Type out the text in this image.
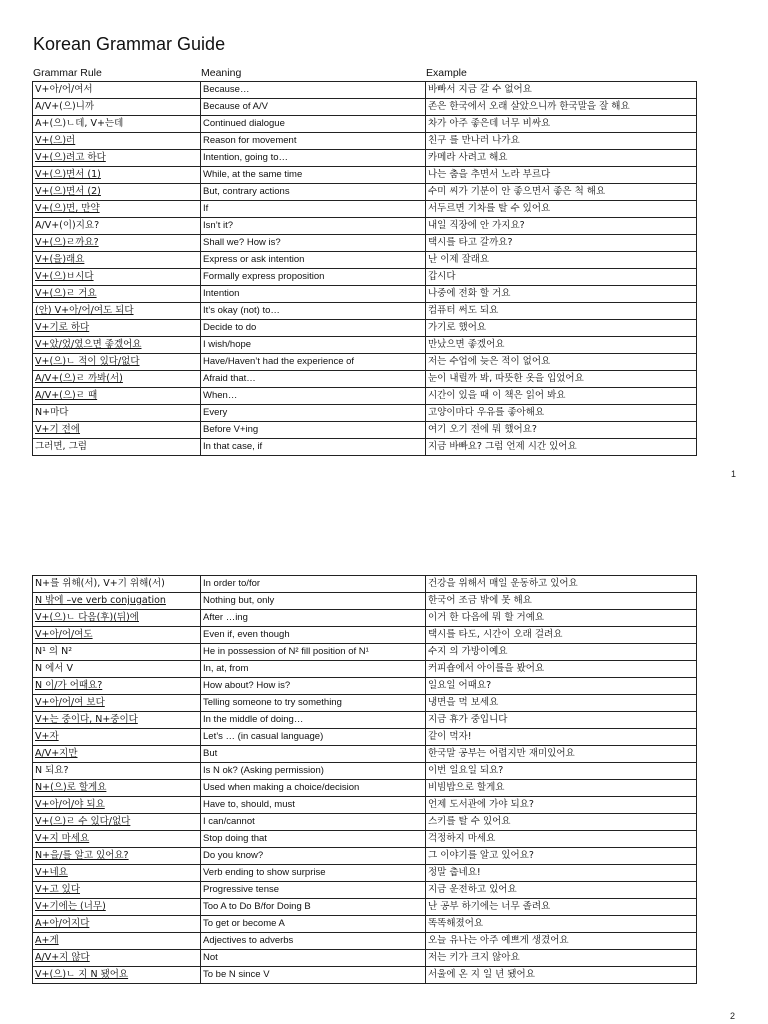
Korean Grammar Guide
Grammar Rule	Meaning	Example
V+아/어/여서	Because…	바빠서 지금 갈 수 없어요
A/V+(으)니까	Because of A/V	존은 한국에서 오래 살았으니까 한국말을 잘 해요
A+(으)ㄴ데, V+는데	Continued dialogue	차가 아주 좋은데 너무 비싸요
V+(으)러	Reason for movement	친구 를 만나러 나가요
V+(으)려고 하다	Intention, going to…	카메라 사려고 해요
V+(으)면서 (1)	While, at the same time	나는 춤을 추면서 노라 부르다
V+(으)면서 (2)	But, contrary actions	수미 씨가 기분이 안 좋으면서 좋은 척 해요
V+(으)면, 만약	If	서두르면 기차를 탈 수 있어요
A/V+(이)지요?	Isn’t it?	내일 직장에 안 가지요?
V+(으)ㄹ까요?	Shall we? How is?	택시를 타고 갈까요?
V+(을)래요	Express or ask intention	난 이제 잘래요
V+(으)ㅂ시다	Formally express proposition	갑시다
V+(으)ㄹ 거요	Intention	나중에 전화 할 거요
(안) V+아/어/여도 되다	It’s okay (not) to…	컴퓨터 써도 되요
V+기로 하다	Decide to do	가기로 했어요
V+았/었/였으면 좋겠어요	I wish/hope	만났으면 좋겠어요
V+(으)ㄴ 적이 있다/없다	Have/Haven’t had the experience of	저는 수업에 늦은 적이 없어요
A/V+(으)ㄹ 까봐(서)	Afraid that…	눈이 내릴까 봐, 따뜻한 옷을 입었어요
A/V+(으)ㄹ 때	When…	시간이 있을 때 이 책은 읽어 봐요
N+마다	Every	고양이마다 우유를 좋아해요
V+기 전에	Before V+ing	여기 오기 전에 뭐 했어요?
그러면, 그럼	In that case, if	지금 바빠요? 그럼 언제 시간 있어요
1
N+를 위해(서), V+기 위해(서)	In order to/for	건강을 위해서 매일 운동하고 있어요
N 밖에 –ve verb conjugation	Nothing but, only	한국어 조금 밖에 못 해요
V+(으)ㄴ 다음(후)(뒤)에	After …ing	이거 한 다음에 뭐 할 거예요
V+아/어/여도	Even if, even though	택시를 타도, 시간이 오래 걸려요
N¹ 의 N²	He in possession of N² fill position of N¹	수지 의 가방이예요
N 에서 V	In, at, from	커피숍에서 아이를을 봤어요
N 이/가 어때요?	How about? How is?	일요일 어때요?
V+아/어/여 보다	Telling someone to try something	냉면을 먹 보세요
V+는 중이다, N+중이다	In the middle of doing…	지금 휴가 중입니다
V+자	Let’s … (in casual language)	같이 먹자!
A/V+지만	But	한국말 공부는 어렵지만 재미있어요
N 되요?	Is N ok? (Asking permission)	이번 일요일 되요?
N+(으)로 할게요	Used when making a choice/decision	비빔밥으로 할게요
V+아/어/야 되요	Have to, should, must	언제 도서관에 가야 되요?
V+(으)ㄹ 수 있다/없다	I can/cannot	스키를 탈 수 있어요
V+지 마세요	Stop doing that	걱정하지 마세요
N+을/를 알고 있어요?	Do you know?	그 이야기를 알고 있어요?
V+네요	Verb ending to show surprise	정말 춥네요!
V+고 있다	Progressive tense	지금 운전하고 있어요
V+기에는 (너무)	Too A to Do B/for Doing B	난 공부 하기에는 너무 졸려요
A+아/어지다	To get or become A	똑똑해졌어요
A+게	Adjectives to adverbs	오늘 유나는 아주 예쁘게 생겼어요
A/V+지 않다	Not	저는 키가 크지 않아요
V+(으)ㄴ 지 N 됐어요	To be N since V	서울에 온 지 일 년 됐어요
2
